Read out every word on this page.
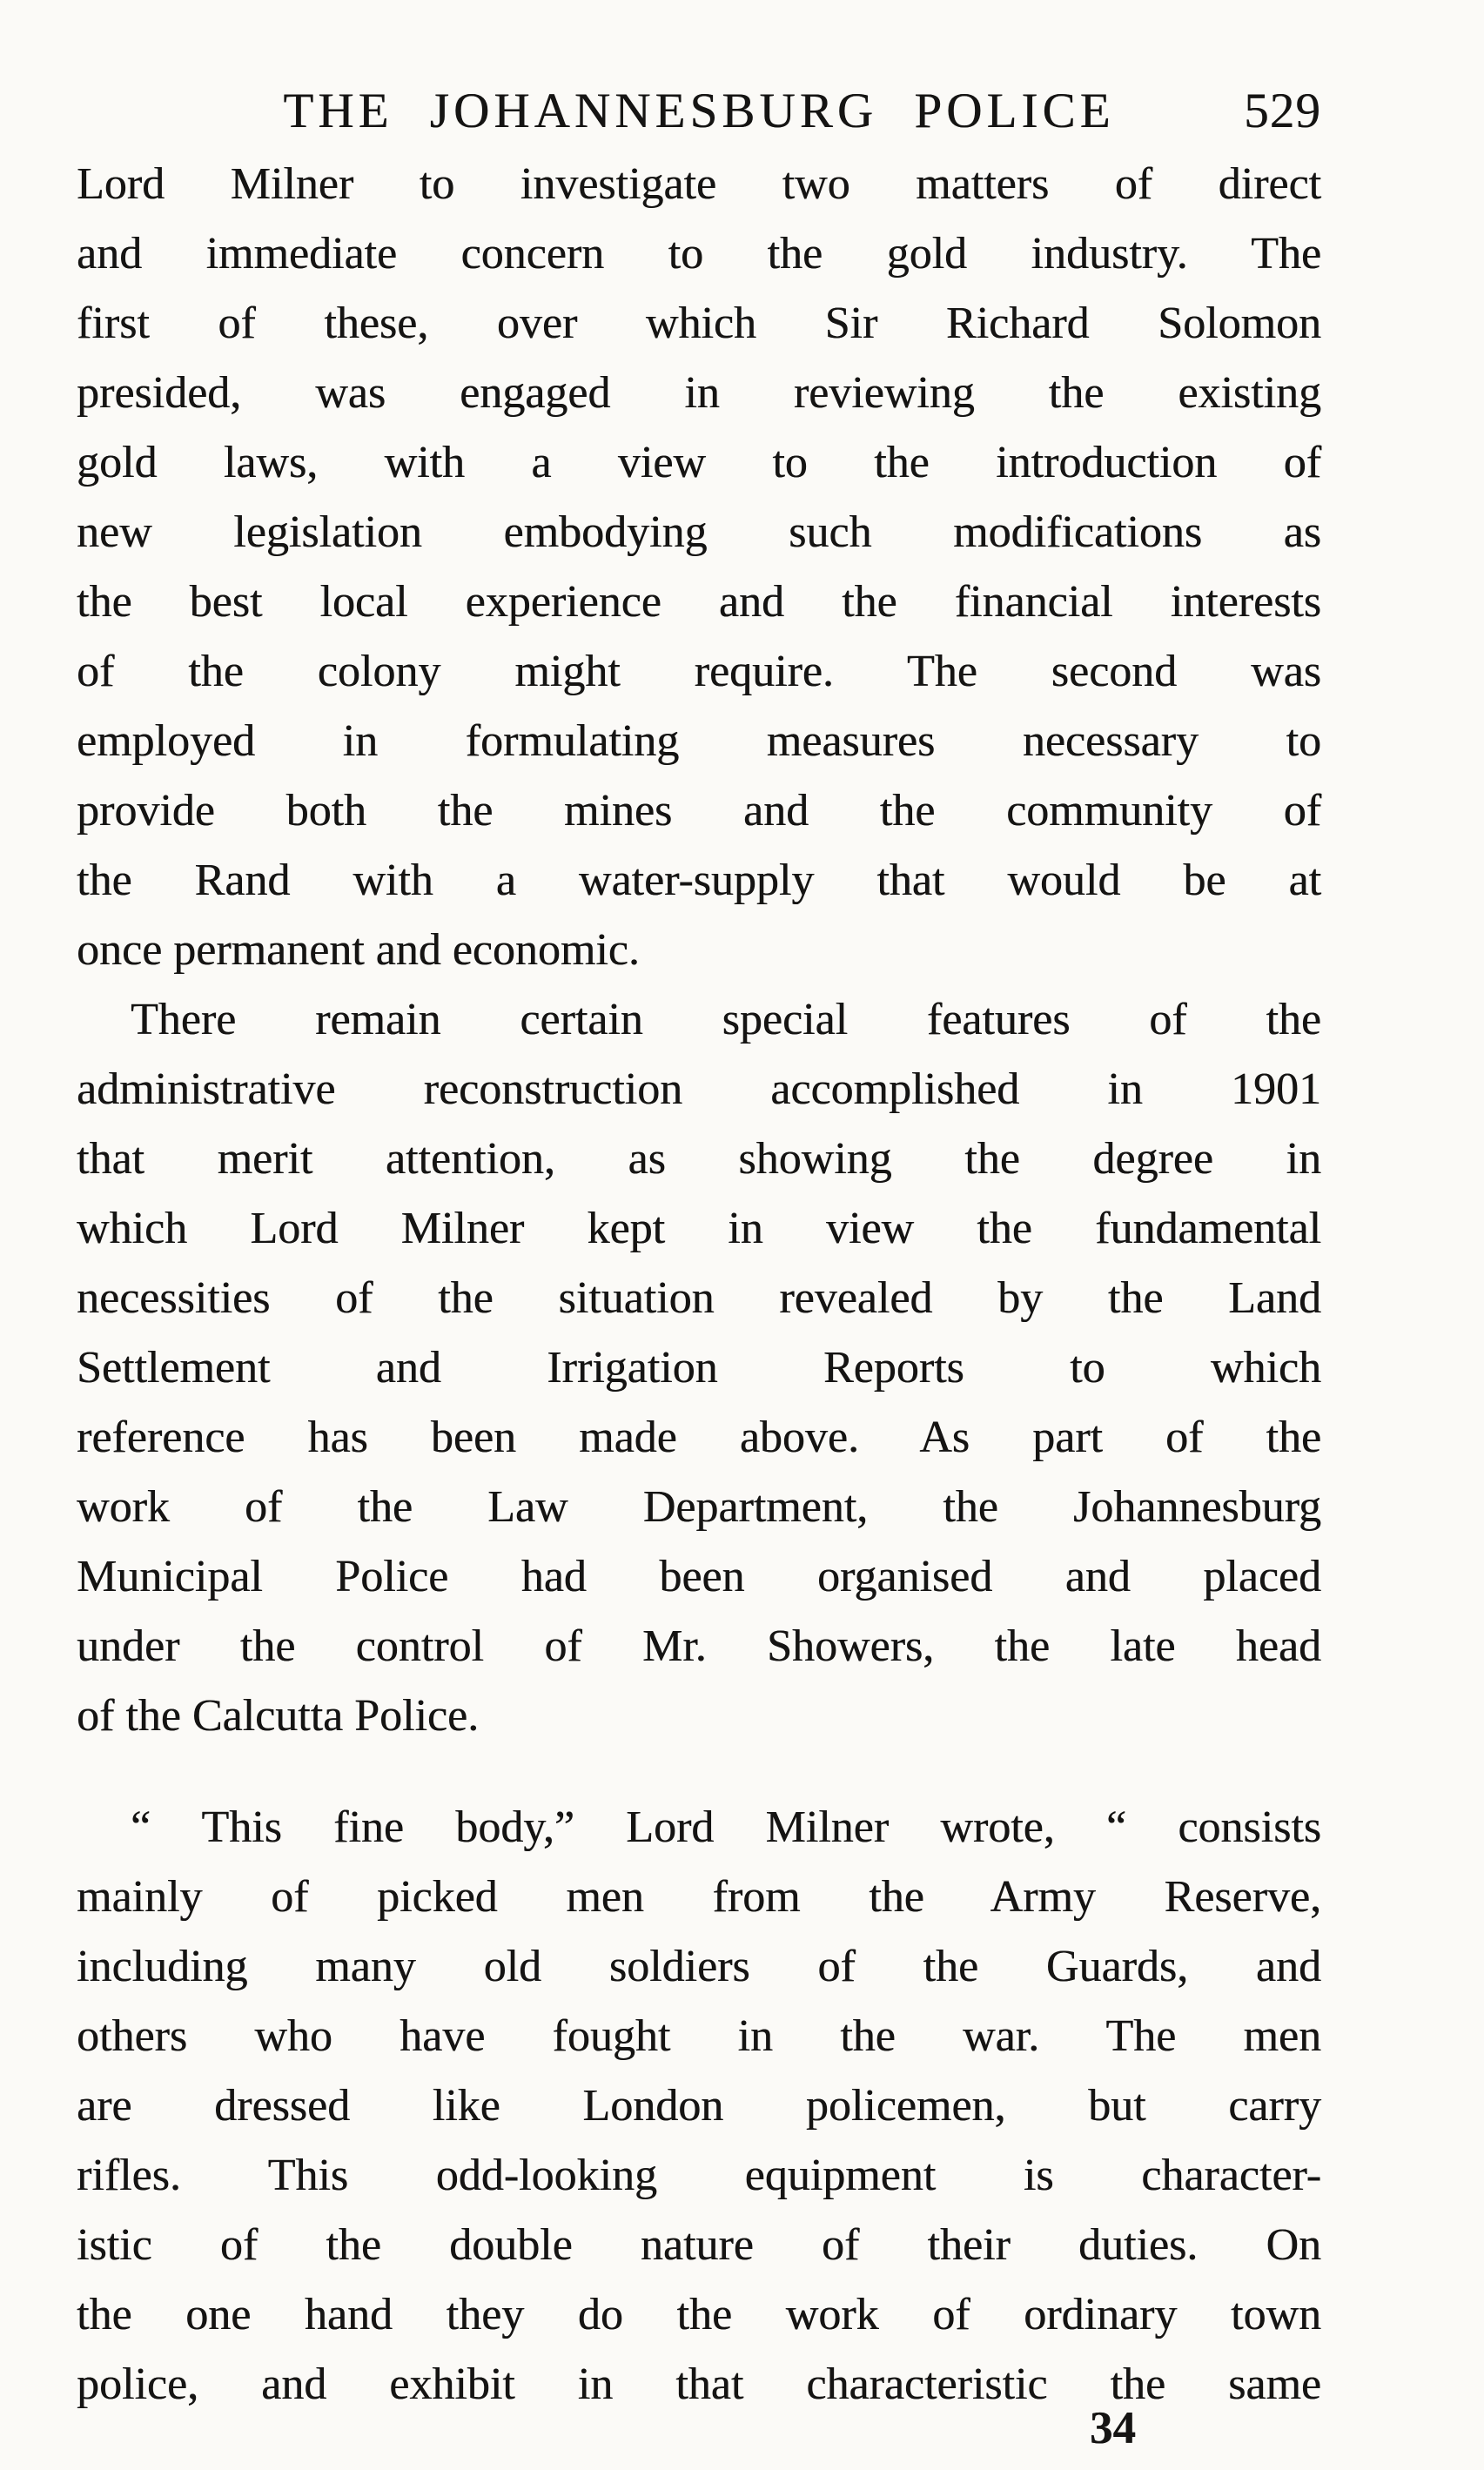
THE JOHANNESBURG POLICE	529
Lord Milner to investigate two matters of direct
and immediate concern to the gold industry. The
first of these, over which Sir Richard Solomon
presided, was engaged in reviewing the existing
gold laws, with a view to the introduction of
new legislation embodying such modifications as
the best local experience and the financial interests
of the colony might require. The second was
employed in formulating measures necessary to
provide both the mines and the community of
the Rand with a water-supply that would be at
once permanent and economic.
There remain certain special features of the
administrative reconstruction accomplished in 1901
that merit attention, as showing the degree in
which Lord Milner kept in view the fundamental
necessities of the situation revealed by the Land
Settlement and Irrigation Reports to which
reference has been made above. As part of the
work of the Law Department, the Johannesburg
Municipal Police had been organised and placed
under the control of Mr. Showers, the late head
of the Calcutta Police.
“ This fine body,” Lord Milner wrote, “ consists
mainly of picked men from the Army Reserve,
including many old soldiers of the Guards, and
others who have fought in the war. The men
are dressed like London policemen, but carry
rifles. This odd-looking equipment is character-
istic of the double nature of their duties. On
the one hand they do the work of ordinary town
police, and exhibit in that characteristic the same
34
